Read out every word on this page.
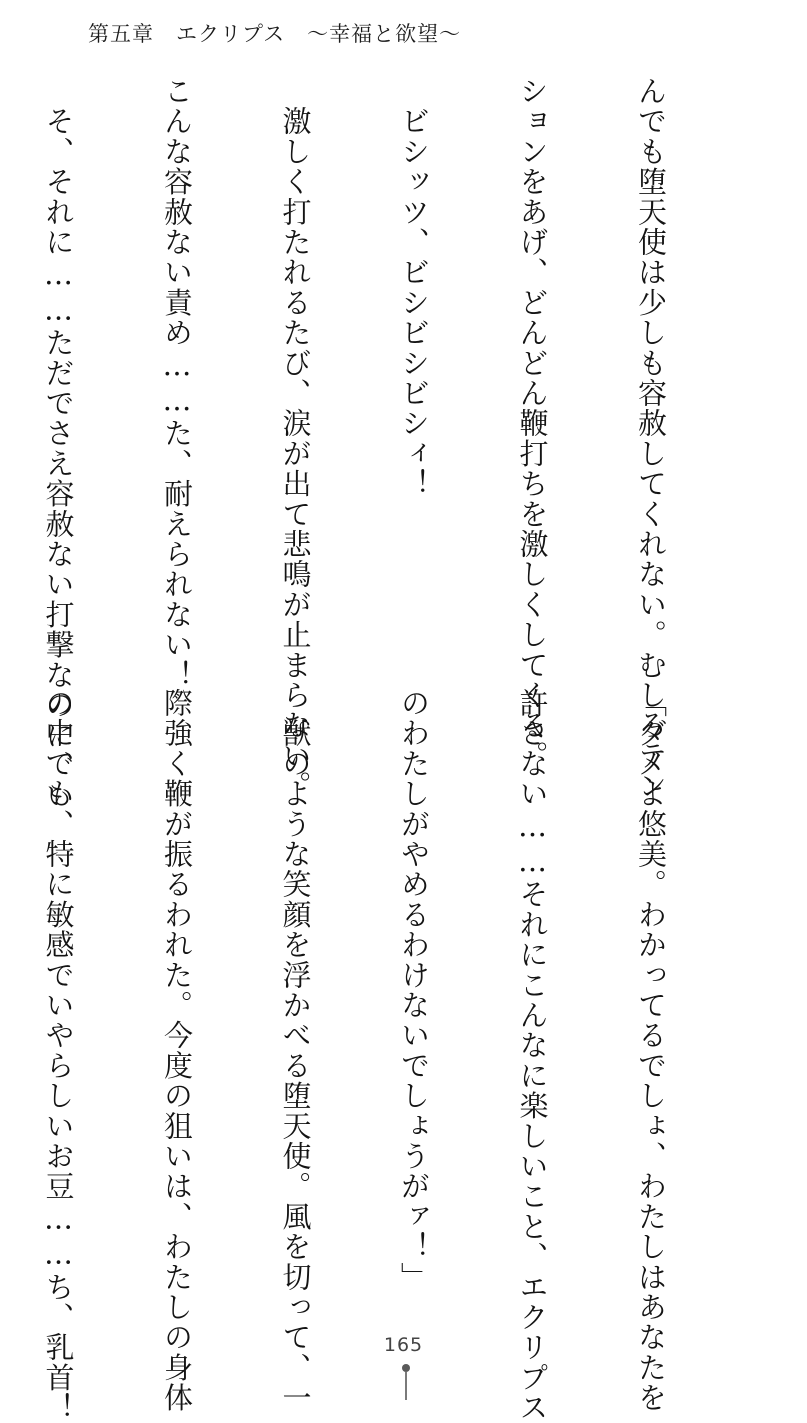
第五章　エクリプス　～幸福と欲望～

んでも堕天使は少しも容赦してくれない。むしろテン

ションをあげ、どんどん鞭打ちを激しくしてくる。

　ビシッツ、ビシビシビシィ！

　激しく打たれるたび、涙が出て悲鳴が止まらない。

こんな容赦ない責め……た、耐えられない！

　そ、それに……ただでさえ容赦ない打撃なのに、い

「ダメよ悠美。わかってるでしょ、わたしはあなたを

許さない……それにこんなに楽しいこと、エクリプス

のわたしがやめるわけないでしょうがァ！」

　獣のような笑顔を浮かべる堕天使。風を切って、一

際強く鞭が振るわれた。今度の狙いは、わたしの身体

の中でも、特に敏感でいやらしいお豆……ち、乳首！

	165
